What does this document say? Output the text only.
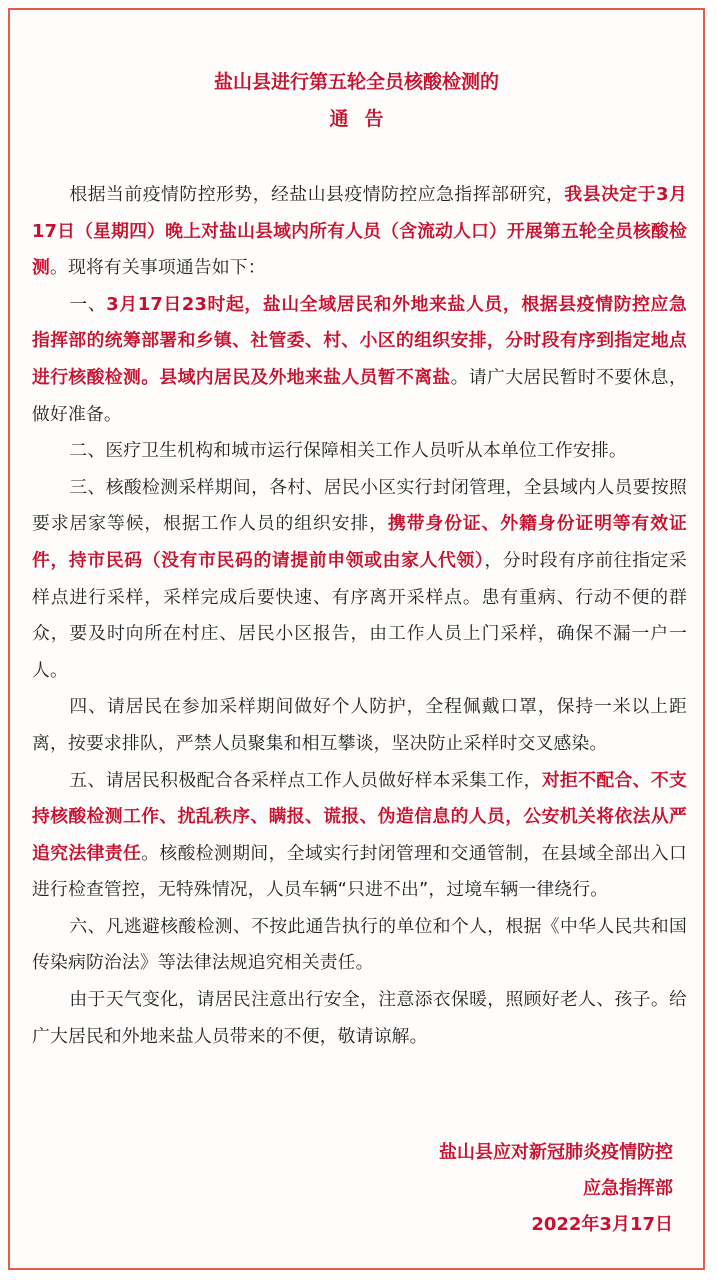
盐山县进行第五轮全员核酸检测的
通告

根据当前疫情防控形势，经盐山县疫情防控应急指挥部研究，我县决定于3月17日（星期四）晚上对盐山县域内所有人员（含流动人口）开展第五轮全员核酸检测。现将有关事项通告如下：

一、3月17日23时起，盐山全域居民和外地来盐人员，根据县疫情防控应急指挥部的统筹部署和乡镇、社管委、村、小区的组织安排，分时段有序到指定地点进行核酸检测。县域内居民及外地来盐人员暂不离盐。请广大居民暂时不要休息，做好准备。

二、医疗卫生机构和城市运行保障相关工作人员听从本单位工作安排。

三、核酸检测采样期间，各村、居民小区实行封闭管理，全县域内人员要按照要求居家等候，根据工作人员的组织安排，携带身份证、外籍身份证明等有效证件，持市民码（没有市民码的请提前申领或由家人代领），分时段有序前往指定采样点进行采样，采样完成后要快速、有序离开采样点。患有重病、行动不便的群众，要及时向所在村庄、居民小区报告，由工作人员上门采样，确保不漏一户一人。

四、请居民在参加采样期间做好个人防护，全程佩戴口罩，保持一米以上距离，按要求排队，严禁人员聚集和相互攀谈，坚决防止采样时交叉感染。

五、请居民积极配合各采样点工作人员做好样本采集工作，对拒不配合、不支持核酸检测工作、扰乱秩序、瞒报、谎报、伪造信息的人员，公安机关将依法从严追究法律责任。核酸检测期间，全域实行封闭管理和交通管制，在县域全部出入口进行检查管控，无特殊情况，人员车辆“只进不出”，过境车辆一律绕行。

六、凡逃避核酸检测、不按此通告执行的单位和个人，根据《中华人民共和国传染病防治法》等法律法规追究相关责任。

由于天气变化，请居民注意出行安全，注意添衣保暖，照顾好老人、孩子。给广大居民和外地来盐人员带来的不便，敬请谅解。

盐山县应对新冠肺炎疫情防控
应急指挥部
2022年3月17日
